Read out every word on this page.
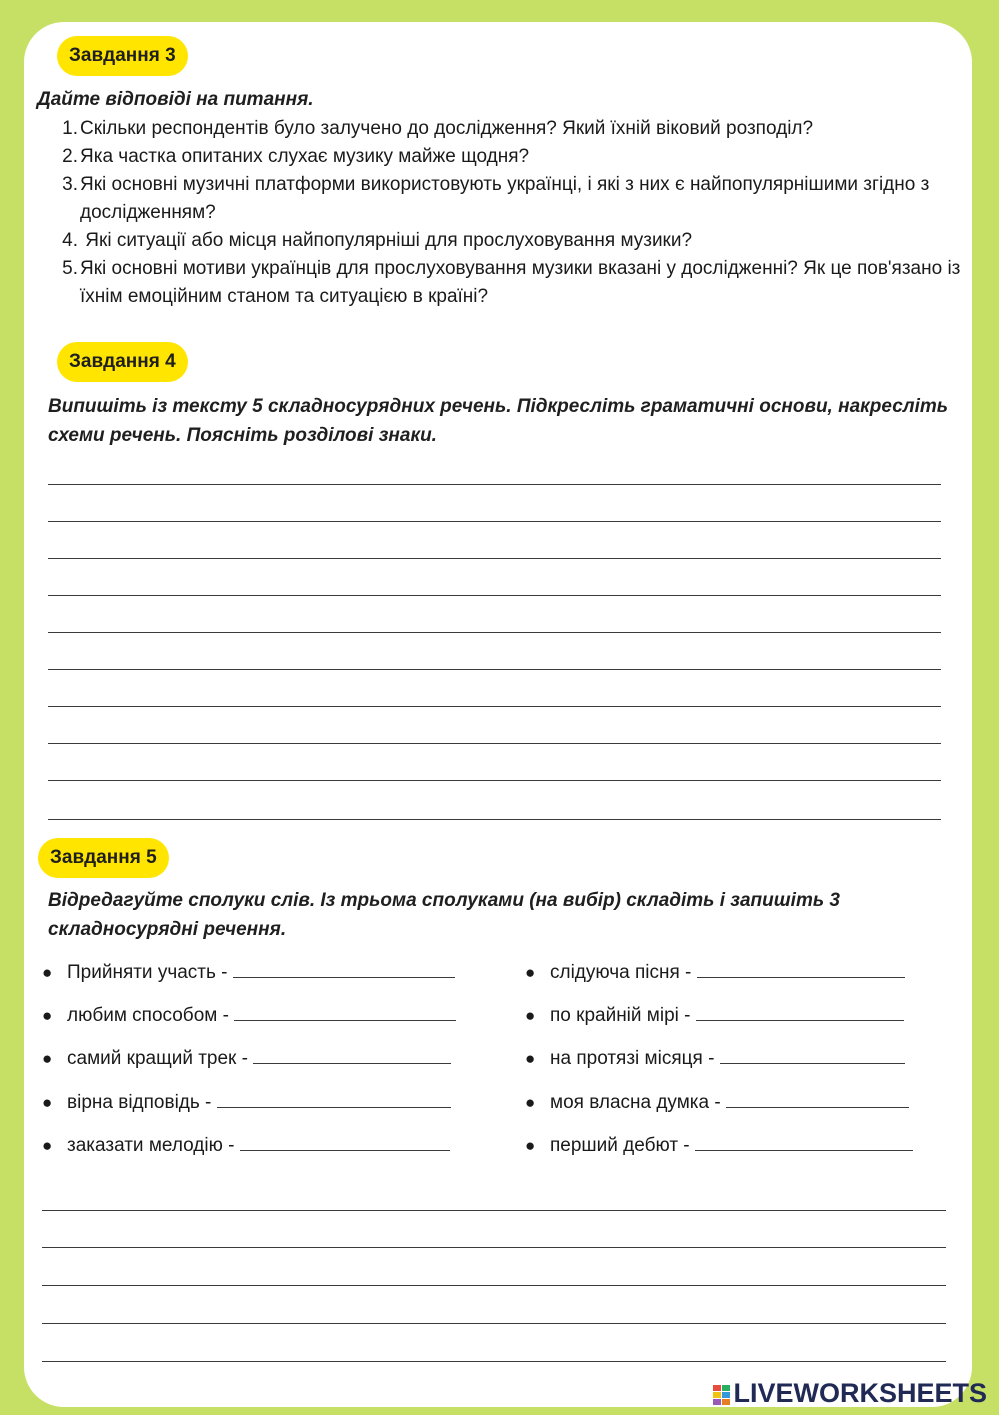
Завдання 3
Дайте відповіді на питання.
1. Скільки респондентів було залучено до дослідження? Який їхній віковий розподіл?
2. Яка частка опитаних слухає музику майже щодня?
3. Які основні музичні платформи використовують українці, і які з них є найпопулярнішими згідно з дослідженням?
4. Які ситуації або місця найпопулярніші для прослуховування музики?
5. Які основні мотиви українців для прослуховування музики вказані у дослідженні? Як це пов'язано із їхнім емоційним станом та ситуацією в країні?
Завдання 4
Випишіть із тексту 5 складносурядних речень. Підкресліть граматичні основи, накресліть схеми речень. Поясніть розділові знаки.
Завдання 5
Відредагуйте сполуки слів. Із трьома сполуками (на вибір) складіть і запишіть 3 складносурядні речення.
● Прийняти участь -
● любим способом -
● самий кращий трек -
● вірна відповідь -
● заказати мелодію -
● слідуюча пісня -
● по крайній мірі -
● на протязі місяця -
● моя власна думка -
● перший дебют -
LIVEWORKSHEETS
